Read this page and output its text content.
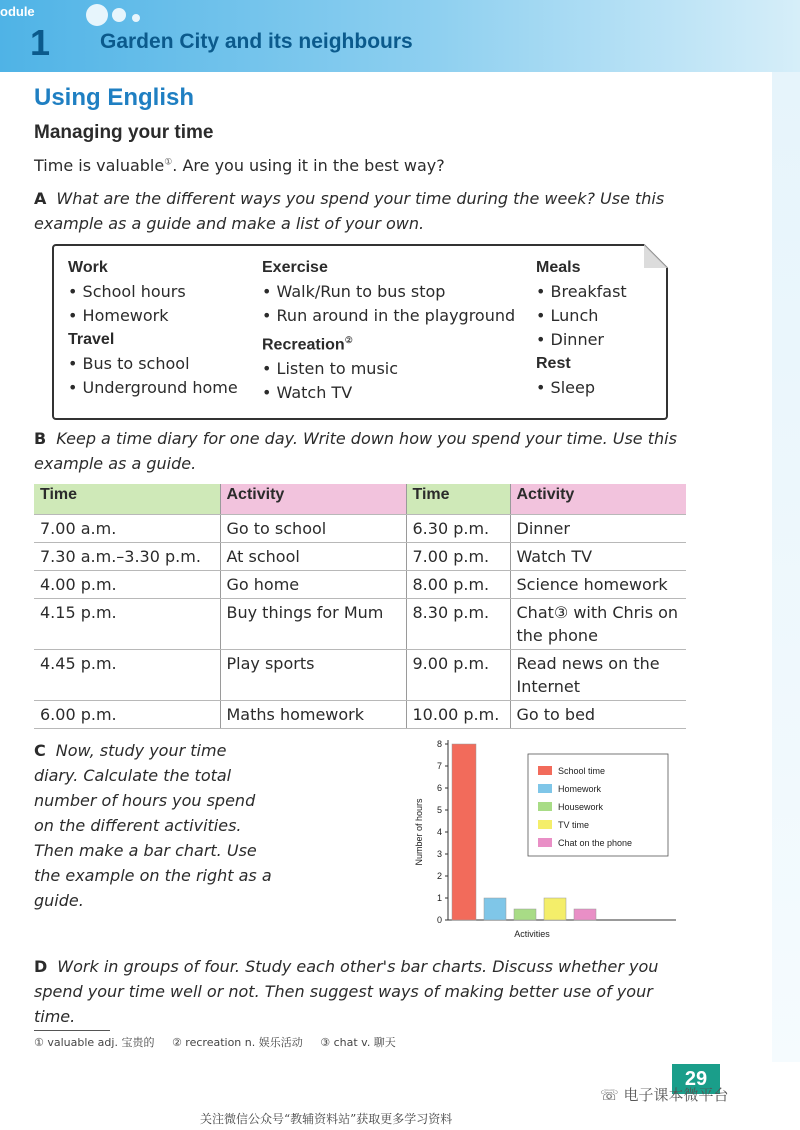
odule
1 Garden City and its neighbours
Using English
Managing your time
Time is valuable①. Are you using it in the best way?
A What are the different ways you spend your time during the week? Use this example as a guide and make a list of your own.
Work
• School hours
• Homework
Travel
• Bus to school
• Underground home
Exercise
• Walk/Run to bus stop
• Run around in the playground
Recreation②
• Listen to music
• Watch TV
Meals
• Breakfast
• Lunch
• Dinner
Rest
• Sleep
B Keep a time diary for one day. Write down how you spend your time. Use this example as a guide.
Time	Activity	Time	Activity
7.00 a.m.	Go to school	6.30 p.m.	Dinner
7.30 a.m.–3.30 p.m.	At school	7.00 p.m.	Watch TV
4.00 p.m.	Go home	8.00 p.m.	Science homework
4.15 p.m.	Buy things for Mum	8.30 p.m.	Chat③ with Chris on the phone
4.45 p.m.	Play sports	9.00 p.m.	Read news on the Internet
6.00 p.m.	Maths homework	10.00 p.m.	Go to bed
C Now, study your time diary. Calculate the total number of hours you spend on the different activities. Then make a bar chart. Use the example on the right as a guide.
0
1
2
3
4
5
6
7
8
Number of hours
Activities
School time
Homework
Housework
TV time
Chat on the phone
D Work in groups of four. Study each other's bar charts. Discuss whether you spend your time well or not. Then suggest ways of making better use of your time.
① valuable adj. 宝贵的 ② recreation n. 娱乐活动 ③ chat v. 聊天
29
☏ 电子课本微平台
关注微信公众号“教辅资料站”获取更多学习资料
